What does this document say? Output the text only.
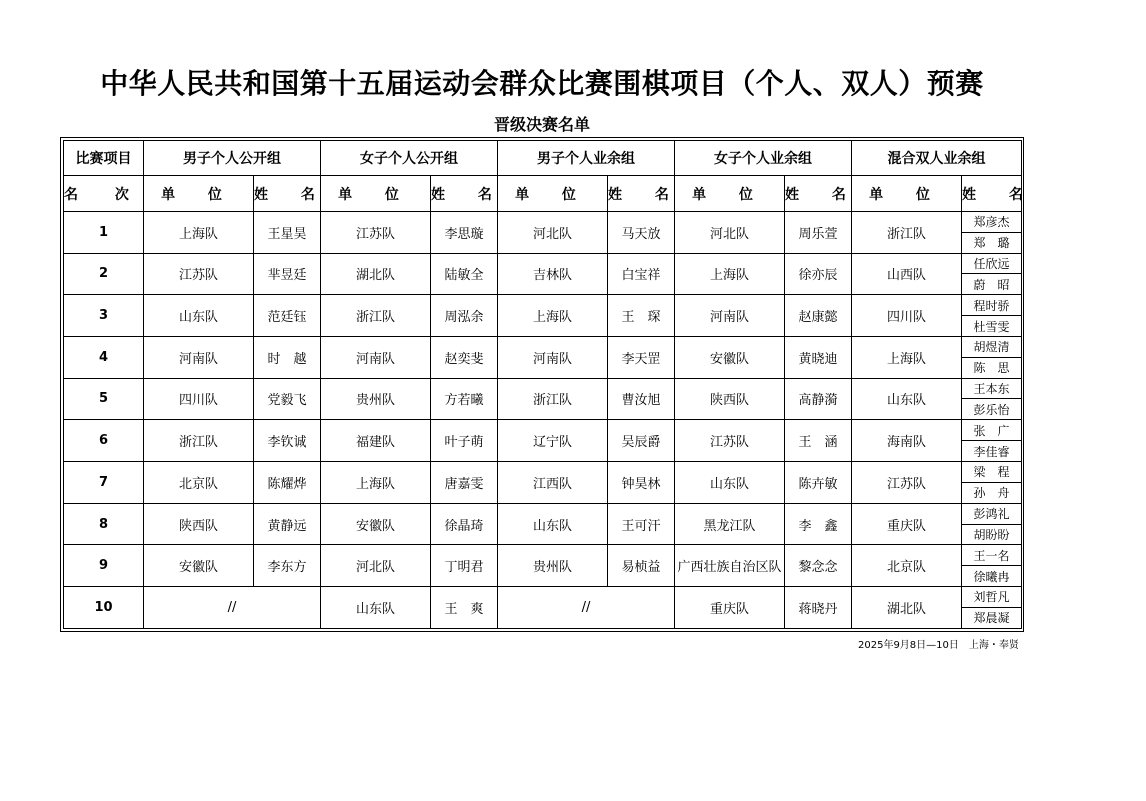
中华人民共和国第十五届运动会群众比赛围棋项目（个人、双人）预赛
晋级决赛名单
比赛项目	男子个人公开组		女子个人公开组		男子个人业余组		女子个人业余组		混合双人业余组	
名 次	单 位	姓 名	单 位	姓 名	单 位	姓 名	单 位	姓 名	单 位	姓 名
1	上海队	王星昊	江苏队	李思璇	河北队	马天放	河北队	周乐萱	浙江队	郑彦杰
										郑　璐
2	江苏队	芈昱廷	湖北队	陆敏全	吉林队	白宝祥	上海队	徐亦辰	山西队	任欣远
										蔚　昭
3	山东队	范廷钰	浙江队	周泓余	上海队	王　琛	河南队	赵康懿	四川队	程时骄
										杜雪雯
4	河南队	时　越	河南队	赵奕斐	河南队	李天罡	安徽队	黄晓迪	上海队	胡煜清
										陈　思
5	四川队	党毅飞	贵州队	方若曦	浙江队	曹汝旭	陕西队	高静漪	山东队	王本东
										彭乐怡
6	浙江队	李钦诚	福建队	叶子萌	辽宁队	吴辰爵	江苏队	王　涵	海南队	张　广
										李佳睿
7	北京队	陈耀烨	上海队	唐嘉雯	江西队	钟昊林	山东队	陈卉敏	江苏队	梁　程
										孙　舟
8	陕西队	黄静远	安徽队	徐晶琦	山东队	王可汗	黑龙江队	李　鑫	重庆队	彭鸿礼
										胡盼盼
9	安徽队	李东方	河北队	丁明君	贵州队	易桢益	广西壮族自治区队	黎念念	北京队	王一名
										徐曦冉
10	//		山东队	王　爽	//		重庆队	蒋晓丹	湖北队	刘哲凡
										郑晨凝
2025年9月8日—10日　上海・奉贤
